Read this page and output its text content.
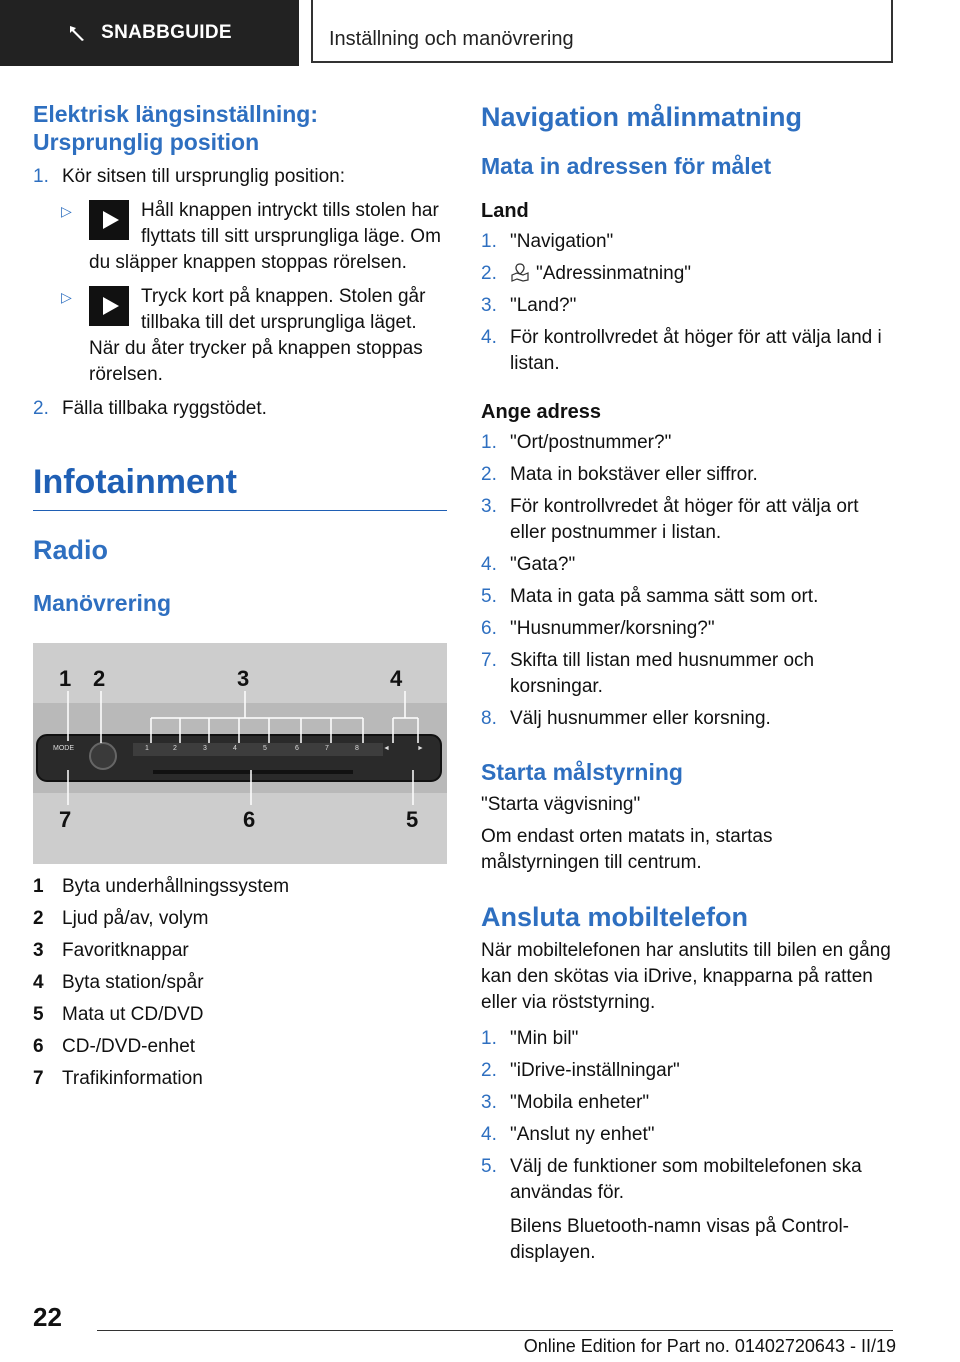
SNABBGUIDE	Inställning och manövrering
Elektrisk längsinställning:
Ursprunglig position
1. Kör sitsen till ursprunglig position:
▷	Håll knappen intryckt tills stolen har flyttats till sitt ursprungliga läge. Om du släpper knappen stoppas rörelsen.
▷	Tryck kort på knappen. Stolen går tillbaka till det ursprungliga läget. När du åter trycker på knappen stoppas rörelsen.
2. Fälla tillbaka ryggstödet.
Infotainment
Radio
Manövrering
MODE	1	2	3	4	5	6	7	8	◄	►
1 2	3	4
7	6	5
1 Byta underhållningssystem
2 Ljud på/av, volym
3 Favoritknappar
4 Byta station/spår
5 Mata ut CD/DVD
6 CD-/DVD-enhet
7 Trafikinformation
Navigation målinmatning
Mata in adressen för målet

Land

1. "Navigation"
2. "Adressinmatning"
3. "Land?"
4. För kontrollvredet åt höger för att välja land i listan.

Ange adress

1. "Ort/postnummer?"
2. Mata in bokstäver eller siffror.
3. För kontrollvredet åt höger för att välja ort eller postnummer i listan.
4. "Gata?"
5. Mata in gata på samma sätt som ort.
6. "Husnummer/korsning?"
7. Skifta till listan med husnummer och korsningar.
8. Välj husnummer eller korsning.
Starta målstyrning

"Starta vägvisning"

Om endast orten matats in, startas målstyrningen till centrum.

Ansluta mobiltelefon

När mobiltelefonen har anslutits till bilen en gång kan den skötas via iDrive, knapparna på ratten eller via röststyrning.

1. "Min bil"
2. "iDrive-inställningar"
3. "Mobila enheter"
4. "Anslut ny enhet"
5. Välj de funktioner som mobiltelefonen ska användas för.
Bilens Bluetooth-namn visas på Control-displayen.
22
Online Edition for Part no. 01402720643 - II/19
